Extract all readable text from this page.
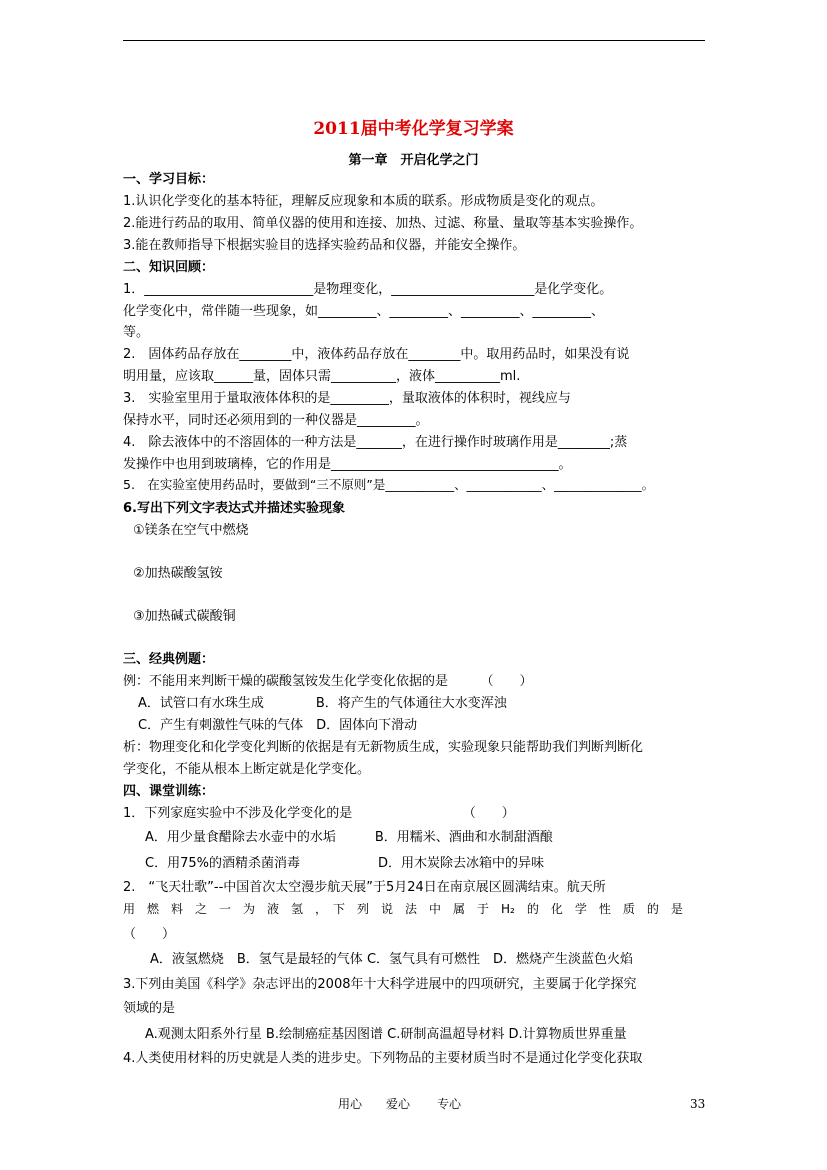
2011届中考化学复习学案
第一章　开启化学之门
一、学习目标：
1.认识化学变化的基本特征，理解反应现象和本质的联系。形成物质是变化的观点。
2.能进行药品的取用、简单仪器的使用和连接、加热、过滤、称量、量取等基本实验操作。
3.能在教师指导下根据实验目的选择实验药品和仪器，并能安全操作。
二、知识回顾：
1．__________________________是物理变化，______________________是化学变化。
化学变化中，常伴随一些现象，如_________、_________、_________、_________、
等。
2.　固体药品存放在________中，液体药品存放在________中。取用药品时，如果没有说
明用量，应该取______量，固体只需__________，液体__________ml.
3.　实验室里用于量取液体体积的是_________，量取液体的体积时，视线应与
保持水平，同时还必须用到的一种仪器是_________。
4.　除去液体中的不溶固体的一种方法是_______，在进行操作时玻璃作用是________;蒸
发操作中也用到玻璃棒，它的作用是___________________________________。
5.　在实验室使用药品时，要做到“三不原则”是___________、____________、______________。
6.写出下列文字表达式并描述实验现象
①镁条在空气中燃烧
②加热碳酸氢铵
③加热碱式碳酸铜
三、经典例题：
例：不能用来判断干燥的碳酸氢铵发生化学变化依据的是　　　（　　）
A．试管口有水珠生成　　　　B．将产生的气体通往大水变浑浊
C．产生有刺激性气味的气体　D．固体向下滑动
析：物理变化和化学变化判断的依据是有无新物质生成，实验现象只能帮助我们判断判断化
学变化，不能从根本上断定就是化学变化。
四、课堂训练：
1．下列家庭实验中不涉及化学变化的是　　　　　　　　　（　　）
A．用少量食醋除去水壶中的水垢　　　B．用糯米、酒曲和水制甜酒酿
C．用75%的酒精杀菌消毒　　　　　　D．用木炭除去冰箱中的异味
2.　“飞天壮歌”--中国首次太空漫步航天展”于5月24日在南京展区圆满结束。航天所
用　燃　料　之　一　为　液　氢　，　下　列　说　法　中　属　于　H₂　的　化　学　性　质　的　是
（　　）
A．液氢燃烧　B．氢气是最轻的气体 C．氢气具有可燃性　D．燃烧产生淡蓝色火焰
3.下列由美国《科学》杂志评出的2008年十大科学进展中的四项研究，主要属于化学探究
领域的是
A.观测太阳系外行星 B.绘制癌症基因图谱 C.研制高温超导材料 D.计算物质世界重量
4.人类使用材料的历史就是人类的进步史。下列物品的主要材质当时不是通过化学变化获取
用心 爱心 专心	33
